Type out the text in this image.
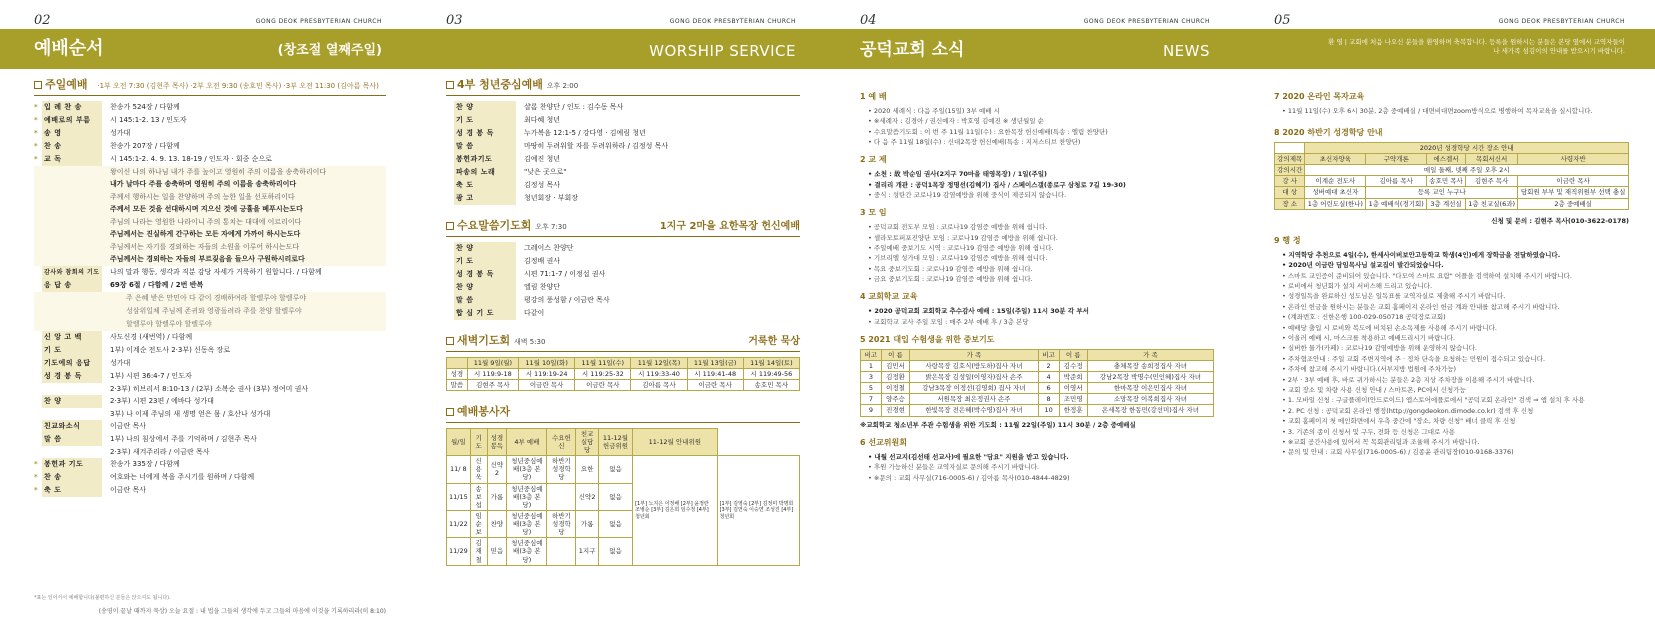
02	GONG DEOK PRESBYTERIAN CHURCH
예배순서	(창조절 열째주일)
주일예배 ·1부 오전 7:30 (김현주 목사) ·2부 오전 9:30 (송호민 목사) ·3부 오전 11:30 (김아름 목사)
* 입 례 찬 송	찬송가 524장 / 다함께
* 예배로의 부름	시 145:1-2. 13 / 인도자
* 송 영	성가대
* 찬 송	찬송가 207장 / 다함께
* 교 독	시 145:1-2. 4. 9. 13. 18-19 / 인도자 · 회중 순으로
왕이신 나의 하나님 내가 주를 높이고 영원히 주의 이름을 송축하리이다
내가 날마다 주를 송축하며 영원히 주의 이름을 송축하리이다
주께서 행하시는 일을 찬양하며 주의 능한 일을 선포하리이다
주께서 모든 것을 선대하시며 지으신 것에 긍휼을 베푸시는도다
주님의 나라는 영원한 나라이니 주의 통치는 대대에 이르리이다
주님께서는 진실하게 간구하는 모든 자에게 가까이 하시는도다
주님께서는 자기를 경외하는 자들의 소원을 이루어 하시는도다
주님께서는 경외하는 자들의 부르짖음을 들으사 구원하시리로다
감사와 참회의 기도	나의 말과 행동, 생각과 직분 감당 자세가 거룩하기 원합니다. / 다함께
응 답 송	69장 6절 / 다함께 / 2번 반복
주 은혜 받은 만민아 다 같이 경배하여라 할렐루야 할렐루야
성삼위일체 주님께 존귀와 영광돌려라 주를 찬양 할렐루야
할렐루야 할렐루야 할렐루야
신 앙 고 백	사도신경 (새번역) / 다함께
기 도	1부) 이계순 전도사 2·3부) 신동옥 장로
기도에의 응답	성가대
성 경 봉 독	1부) 시편 36:4-7 / 인도자
2·3부) 히브리서 8:10-13 / (2부) 소복순 권사 (3부) 정여미 권사
찬 양	2·3부) 시편 23편 / 에바다 성가대
3부) 나 이제 주님의 새 생명 얻은 몸 / 호산나 성가대
친교와소식	이금란 목사
말 씀	1부) 나의 침상에서 주를 기억하며 / 김현주 목사
2·3부) 새겨주리라 / 이금란 목사
* 봉헌과 기도	찬송가 335장 / 다함께
* 찬 송	여호와는 너에게 복을 주시기를 원하며 / 다함께
* 축 도	이금란 목사
*표는 일어서서 예배합니다(불편하신 분들은 앉으셔도 됩니다).
(송영이 끝날 때까지 묵상) 오늘 요절 : 내 법을 그들의 생각에 두고 그들의 마음에 이것을 기록하리라(히 8:10)
03	GONG DEOK PRESBYTERIAN CHURCH
WORSHIP SERVICE
4부 청년중심예배 오후 2:00
찬 양	샬롬 찬양단 / 인도 : 김수동 목사
기 도	최다혜 청년
성 경 봉 독	누가복음 12:1-5 / 강다영 · 김예림 청년
말 씀	마땅히 두려워할 자를 두려워하라 / 김정성 목사
봉헌과기도	김예진 청년
파송의 노래	"낮은 곳으로"
축 도	김정성 목사
광 고	청년회장 · 부회장
수요말씀기도회 오후 7:30	1지구 2마을 요한목장 헌신예배
찬 양	그레이스 찬양단
기 도	김정배 권사
성 경 봉 독	시편 71:1-7 / 이정섭 권사
찬 양	엘림 찬양단
말 씀	평강의 풍성함 / 이금란 목사
합 심 기 도	다같이
새벽기도회 새벽 5:30	거룩한 묵상
	11월 9일(월)	11월 10일(화)	11월 11일(수)	11월 12일(목)	11월 13일(금)	11월 14일(토)
성경	시 119:9-18	시 119:19-24	시 119:25-32	시 119:33-40	시 119:41-48	시 119:49-56
말씀	김현주 목사	이금란 목사	이금란 목사	김아름 목사	이금란 목사	송호민 목사
예배봉사자
월/일	기도	성경봉독	4부 예배	수요헌신	친교실담당	11-12월 헌금위원	11-12월 안내위원	
11/ 8	신용욱	신약2	청년중심예배(3층 본당)	하반기 성경학당	요한	없음	[1부] 노지은 이정배 [2부] 윤정란 조병순 [3부] 김은희 임수정 [4부] 청년회	[1부] 김영숙 [2부] 김정미 박명희 [3부] 김연숙 이승연 조성진 [4부] 청년회
11/15	송보섭	가롬	청년중심예배(3층 본당)		신약2	없음		
11/22	임순보	찬양	청년중심예배(3층 본당)	하반기 성경학당	가롬	없음		
11/29	김재철	믿음	청년중심예배(3층 본당)		1지구	없음		
04	GONG DEOK PRESBYTERIAN CHURCH
공덕교회 소식	NEWS
1 예 배
• 2020 세례식 : 다음 주일(15일) 3부 예배 시
• ※세례자 : 김경아 / 권신예자 : 박호영 김예진 ※ 생년월일 순
• 수요말씀기도회 : 이 번 주 11월 11일(수) : 요한목장 헌신예배(특송 : 엘림 찬양단)
• 다 음 주 11월 18일(수) : 신대2목장 헌신예배(특송 : 지저스티브 찬양단)
2 교 제
• 소천 : 故 박순임 권사(2지구 70마을 태영목장) / 1일(주일)
• 결리리 개관 : 공덕1목장 정명선(김혜기) 집사 / 스페이스갤(종로구 삼청로 7길 19-30)
• 중식 : 성탄간 코로나19 감염예방을 위해 중식이 제공되지 않습니다.
3 모 임
• 공덕교회 전도부 모임 : 코로나19 감염증 예방을 위해 쉽니다.
• 셀라모토퍼포진양단 모임 : 코로나19 감염증 예방을 위해 쉽니다.
• 주일예배 중보기도 시역 : 코로나19 감염증 예방을 위해 쉽니다.
• 기브리엘 성가대 모임 : 코로나19 감염증 예방을 위해 쉽니다.
• 목요 중보기도회 : 코로나19 감염증 예방을 위해 쉽니다.
• 금요 중보기도회 : 코로나19 감염증 예방을 위해 쉽니다.
4 교회학교 교육
• 2020 공덕교회 교회학교 추수감사 예배 : 15일(주일) 11시 30분 각 부서
• 교회학교 교사 주일 모임 : 매주 2부 예배 후 / 3층 본당
5 2021 대입 수험생을 위한 중보기도
비고	이 름	가 족	비고	이 름	가 족
1	김민서	사랑목장 김호식(방도하)집사 자녀	2	김수정	충체목장 송희정집사 자녀
3	김정환	밝은목장 김성일(이영자)집사 손주	4	박준희	강남2목장 박명수(민인혜)집사 자녀
5	이정철	강남3목장 이정선(김영희) 집사 자녀	6	이영서	한마목장 이은민집사 자녀
7	양주승	서원목장 최은정권사 손주	8	조민영	소망목장 이복희집사 자녀
9	진경현	한빛목장 전은혜(박수영)집사 자녀	10	한정훈	온세목장 한동민(강선미)집사 자녀
※교회학교 청소년부 주관 수험생을 위한 기도회 : 11월 22일(주일) 11시 30분 / 2층 중예배실
6 선교위원회
• 내월 선교지(김선태 선교사)에 필요한 "담요" 지원을 받고 있습니다.
• 후원 가능하신 분들은 교역자실로 문의해 주시기 바랍니다.
• ※문의 : 교회 사무실(716-0005-6) / 김아름 목사(010-4844-4829)
05	GONG DEOK PRESBYTERIAN CHURCH
환 영 | 교회에 처음 나오신 분들을 환영하며 축복합니다. 등록을 원하시는 분들은 본당 옆에서 교역자들이나 새가족 섬김이의 안내를 받으시기 바랍니다.
7 2020 온라인 목자교육
• 11월 11일(수) 오후 6시 30분, 2층 중예배실 / 대면비대면zoom방식으로 병행하여 목자교육을 실시합니다.
8 2020 하반기 성경학당 안내
	2020년 성경학당 시간 장소 안내				
강의제목	초신자양육	구약개론	에스겔서	목회서신서	사령자반
강의시간	매일 둘째, 넷째 주일 오후 2시				
강 사	이계순 전도사	김아름 목사	송호민 목사	김현주 목사	이금란 목사
대 상	성버예대 초신자	등록 교인 누구나			담회원 부부 및 재직위원부 선택 충실
장 소	1층 어린도실(한나)	1층 예배식(경기회)	3층 계선실	1층 친교실(6과)	2층 중예배실
신청 및 문의 : 김현주 목사(010-3622-0178)
9 행 정
• 지역학당 추천으로 4일(수), 한세사이버보안고등학교 학생(4인)에게 장학금을 전달하였습니다.
• 2020년 이금란 담임목사님 설교집이 발간되었습니다.
• 스마트 교인증이 준비되어 있습니다. "다모여 스마트 요람" 어플을 검색하여 설치해 주시기 바랍니다.
• 로비에서 청년회가 설치 서비스해 드리고 있습니다.
• 성경일독을 완료하신 성도님은 일독표를 교역자실로 제출해 주시기 바랍니다.
• 온라인 헌금을 원하시는 분들은 교회 홈페이지 온라인 헌금 계좌 안내를 참고해 주시기 바랍니다.
• (계좌번호 : 신한은행 100-029-050718 공덕장로교회)
• 예배당 출입 시 로비와 복도에 비치된 손소독제를 사용해 주시기 바랍니다.
• 이울러 예배 시, 마스크를 착용하고 예배드리시기 바랍니다.
• 실버한 물가(카페) : 코로나19 감염예방을 위해 운영하지 않습니다.
• 주차협조안내 : 주일 교회 주변지역에 주 · 정차 단속을 요청하는 민원이 접수되고 있습니다.
• 주차에 참고해 주시기 바랍니다.(서부지방 법원에 주차가능)
• 2부 · 3부 예배 후, 바로 귀가하시는 분들은 2층 지상 주차장을 이용해 주시기 바랍니다.
• 교회 장소 및 차량 사용 신청 안내 / 스마트폰, PC에서 신청가능
• 1. 모바일 신청 : 구글플레이(안드로이드) 앱스토어에플로에서 "공덕교회 온라인" 검색 ⇒ 앱 설치 후 사용
• 2. PC 신청 : 공덕교회 온라인 행정(http://gongdeokon.dimode.co.kr) 검색 후 신청
• 교회 홈페이지 첫 메인화면에서 우측 중간에 "장소, 차량 신청" 배너 클릭 후 신청
• 3. 기존의 종이 신청서 및 구두, 전화 등 신청은 그대로 사용
• ※교회 공간사용에 있어서 꼭 목회관리팀과 조율해 주시기 바랍니다.
• 문의 및 안내 : 교회 사무실(716-0005-6) / 김종윤 관리팀장(010-9168-3376)
